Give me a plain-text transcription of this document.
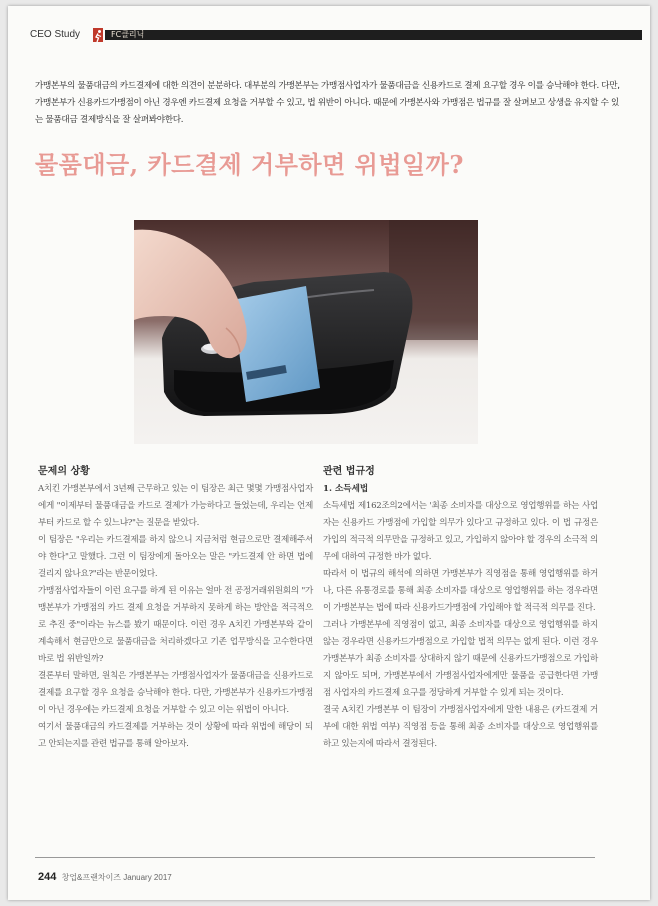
CEO Study	FC클리닉

가맹본부의 물품대금의 카드결제에 대한 의견이 분분하다. 대부분의 가맹본부는 가맹점사업자가 물품대금을 신용카드로 결제 요구할 경우 이를 승낙해야 한다. 다만, 가맹본부가 신용카드가맹점이 아닌 경우엔 카드결제 요청을 거부할 수 있고, 법 위반이 아니다. 때문에 가맹본사와 가맹점은 법규를 잘 살펴보고 상생을 유지할 수 있는 물품대금 결제방식을 잘 살펴봐야한다.

물품대금, 카드결제 거부하면 위법일까?
문제의 상황

A치킨 가맹본부에서 3년째 근무하고 있는 이 팀장은 최근 몇몇 가맹점사업자에게 "이제부터 물품대금을 카드로 결제가 가능하다고 들었는데, 우리는 언제부터 카드로 할 수 있느냐?"는 질문을 받았다.

이 팀장은 "우리는 카드결제를 하지 않으니 지금처럼 현금으로만 결제해주셔야 한다"고 말했다. 그런 이 팀장에게 돌아오는 말은 "카드결제 안 하면 법에 걸리지 않나요?"라는 반문이었다.

가맹점사업자들이 이런 요구를 하게 된 이유는 얼마 전 공정거래위원회의 "가맹본부가 가맹점의 카드 결제 요청을 거부하지 못하게 하는 방안을 적극적으로 추진 중"이라는 뉴스를 봤기 때문이다. 이런 경우 A치킨 가맹본부와 같이 계속해서 현금만으로 물품대금을 처리하겠다고 기존 업무방식을 고수한다면 바로 법 위반일까?

결론부터 말하면, 원칙은 가맹본부는 가맹점사업자가 물품대금을 신용카드로 결제를 요구할 경우 요청을 승낙해야 한다. 다만, 가맹본부가 신용카드가맹점이 아닌 경우에는 카드결제 요청을 거부할 수 있고 이는 위법이 아니다.

여기서 물품대금의 카드결제를 거부하는 것이 상황에 따라 위법에 해당이 되고 안되는지를 관련 법규를 통해 알아보자.

관련 법규정
1. 소득세법

소득세법 제162조의2에서는 '최종 소비자를 대상으로 영업행위를 하는 사업자는 신용카드 가맹점에 가입할 의무가 있다'고 규정하고 있다. 이 법 규정은 가입의 적극적 의무만을 규정하고 있고, 가입하지 않아야 할 경우의 소극적 의무에 대하여 규정한 바가 없다.

따라서 이 법규의 해석에 의하면 가맹본부가 직영점을 통해 영업행위를 하거나, 다른 유통경로를 통해 최종 소비자를 대상으로 영업행위를 하는 경우라면 이 가맹본부는 법에 따라 신용카드가맹점에 가입해야 할 적극적 의무를 진다.

그러나 가맹본부에 직영점이 없고, 최종 소비자를 대상으로 영업행위를 하지 않는 경우라면 신용카드가맹점으로 가입할 법적 의무는 없게 된다. 이런 경우 가맹본부가 최종 소비자를 상대하지 않기 때문에 신용카드가맹점으로 가입하지 않아도 되며, 가맹본부에서 가맹점사업자에게만 물품을 공급한다면 가맹점 사업자의 카드결제 요구를 정당하게 거부할 수 있게 되는 것이다.

결국 A치킨 가맹본부 이 팀장이 가맹점사업자에게 말한 내용은 (카드결제 거부에 대한 위법 여부) 직영점 등을 통해 최종 소비자를 대상으로 영업행위를 하고 있는지에 따라서 결정된다.

244 창업&프랜차이즈 January 2017
